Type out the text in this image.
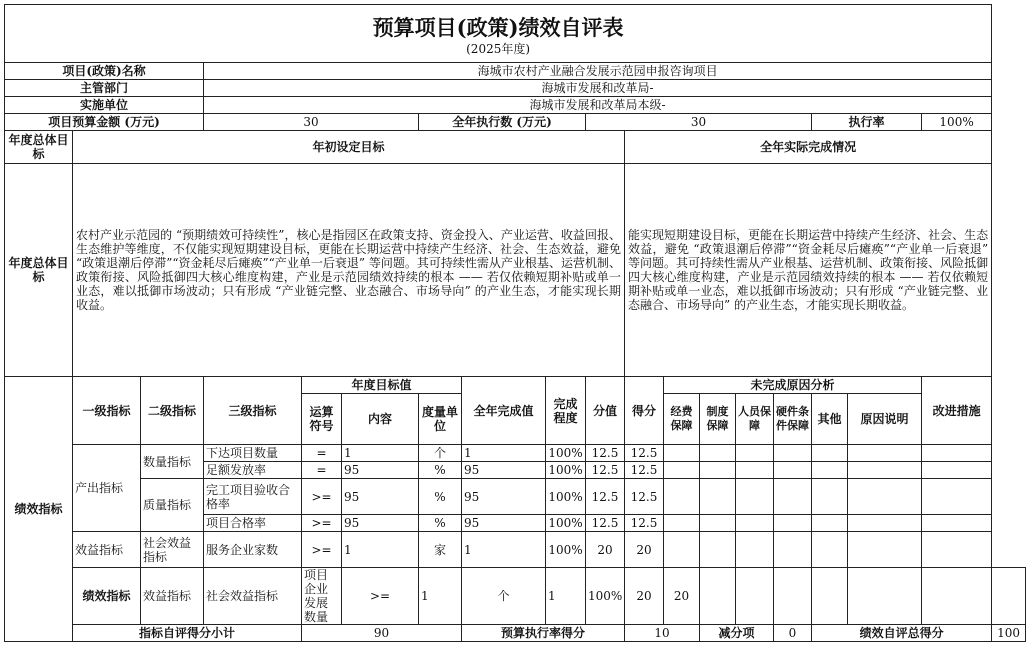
预算项目(政策)绩效自评表
(2025年度)																		

项目(政策)名称			海城市农村产业融合发展示范园申报咨询项目															
主管部门			海城市发展和改革局-															
实施单位			海城市发展和改革局本级-															
项目预算金额 (万元)			30			全年执行数 (万元)			30						执行率		100%	
年度总体目标	年初设定目标									全年实际完成情况								
年度总体目标	农村产业示范园的 “预期绩效可持续性”，核心是指园区在政策支持、资金投入、产业运营、收益回报、生态维护等维度，不仅能实现短期建设目标，更能在长期运营中持续产生经济、社会、生态效益，避免 “政策退潮后停滞”“资金耗尽后瘫痪”“产业单一后衰退” 等问题。其可持续性需从产业根基、运营机制、政策衔接、风险抵御四大核心维度构建，产业是示范园绩效持续的根本 —— 若仅依赖短期补贴或单一业态，难以抵御市场波动；只有形成 “产业链完整、业态融合、市场导向” 的产业生态，才能实现长期收益。									能实现短期建设目标，更能在长期运营中持续产生经济、社会、生态效益，避免 “政策退潮后停滞”“资金耗尽后瘫痪”“产业单一后衰退” 等问题。其可持续性需从产业根基、运营机制、政策衔接、风险抵御四大核心维度构建，产业是示范园绩效持续的根本 —— 若仅依赖短期补贴或单一业态，难以抵御市场波动；只有形成 “产业链完整、业态融合、市场导向” 的产业生态，才能实现长期收益。								
绩效指标	一级指标	二级指标	三级指标	年度目标值			全年完成值	完成程度	分值	得分	未完成原因分析						改进措施	
				运算符号	内容	度量单位					经费保障	制度保障	人员保障	硬件条件保障	其他	原因说明		

	产出指标	数量指标	下达项目数量	=	1	个	1	100%	12.5	12.5								
			足额发放率	=	95	%	95	100%	12.5	12.5								
		质量指标	完工项目验收合格率	>=	95	%	95	100%	12.5	12.5								
			项目合格率	>=	95	%	95	100%	12.5	12.5								
	效益指标	社会效益指标	服务企业家数	>=	1	家	1	100%	20	20								
	绩效指标	效益指标	社会效益指标	项目企业发展数量	>=	1	个	1	100%	20	20							
	指标自评得分小计			90			预算执行率得分			10		减分项		0	绩效自评总得分			100
